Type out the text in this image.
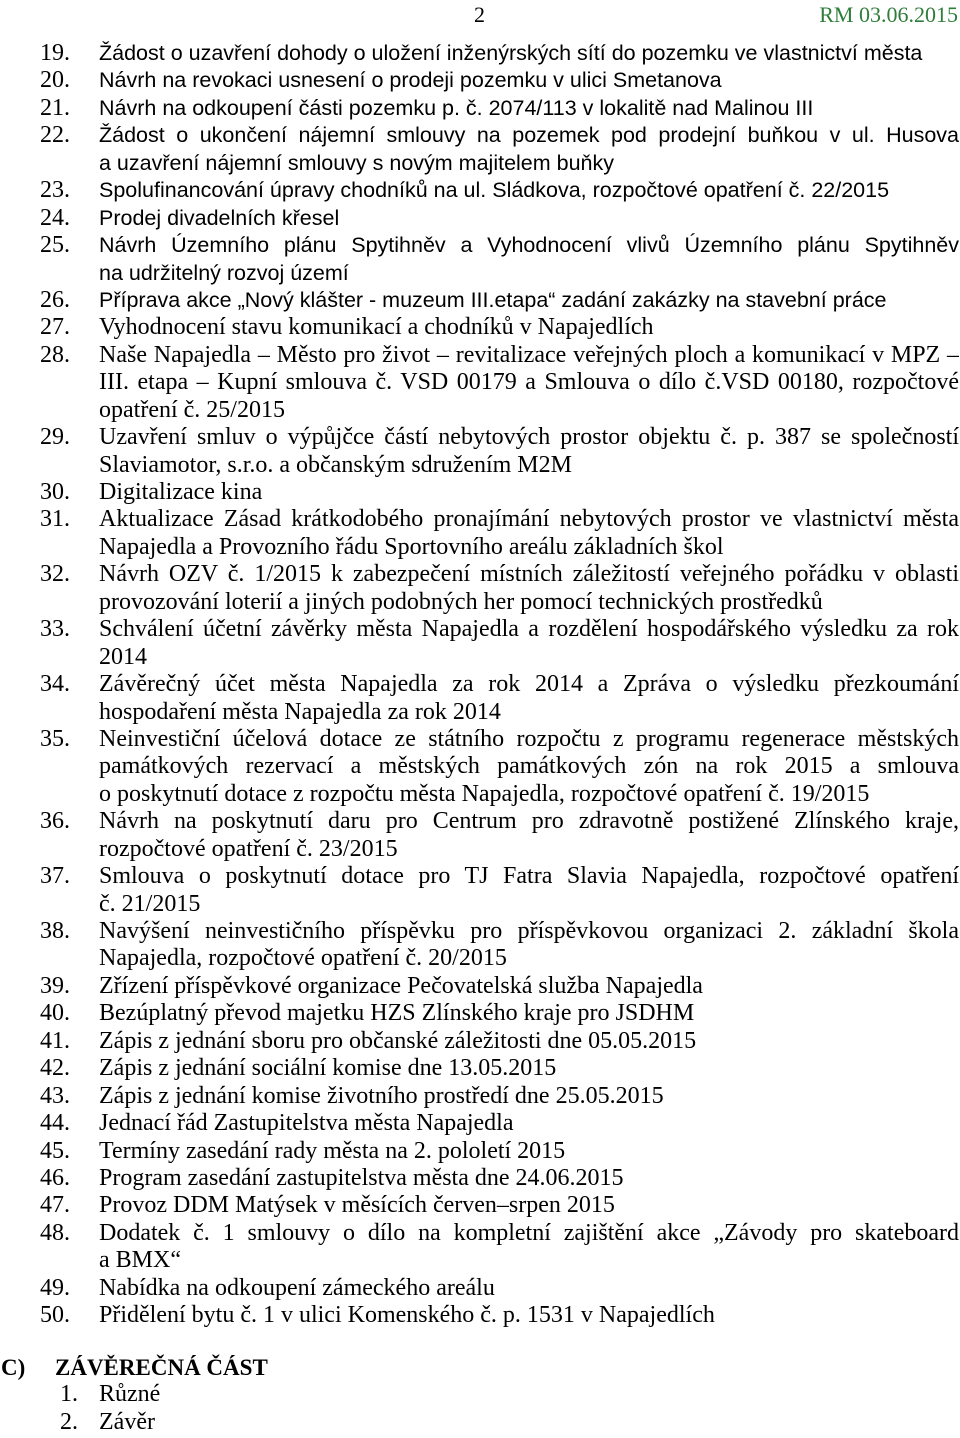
2	RM 03.06.2015
19. Žádost o uzavření dohody o uložení inženýrských sítí do pozemku ve vlastnictví města
20. Návrh na revokaci usnesení o prodeji pozemku v ulici Smetanova
21. Návrh na odkoupení části pozemku p. č. 2074/113 v lokalitě nad Malinou III
22. Žádost o ukončení nájemní smlouvy na pozemek pod prodejní buňkou v ul. Husova
a uzavření nájemní smlouvy s novým majitelem buňky
23. Spolufinancování úpravy chodníků na ul. Sládkova, rozpočtové opatření č. 22/2015
24. Prodej divadelních křesel
25. Návrh Územního plánu Spytihněv a Vyhodnocení vlivů Územního plánu Spytihněv
na udržitelný rozvoj území
26. Příprava akce „Nový klášter - muzeum III.etapa“ zadání zakázky na stavební práce
27. Vyhodnocení stavu komunikací a chodníků v Napajedlích
28. Naše Napajedla – Město pro život – revitalizace veřejných ploch a komunikací v MPZ –
III. etapa – Kupní smlouva č. VSD 00179 a Smlouva o dílo č.VSD 00180, rozpočtové
opatření č. 25/2015
29. Uzavření smluv o výpůjčce částí nebytových prostor objektu č. p. 387 se společností
Slaviamotor, s.r.o. a občanským sdružením M2M
30. Digitalizace kina
31. Aktualizace Zásad krátkodobého pronajímání nebytových prostor ve vlastnictví města
Napajedla a Provozního řádu Sportovního areálu základních škol
32. Návrh OZV č. 1/2015 k zabezpečení místních záležitostí veřejného pořádku v oblasti
provozování loterií a jiných podobných her pomocí technických prostředků
33. Schválení účetní závěrky města Napajedla a rozdělení hospodářského výsledku za rok
2014
34. Závěrečný účet města Napajedla za rok 2014 a Zpráva o výsledku přezkoumání
hospodaření města Napajedla za rok 2014
35. Neinvestiční účelová dotace ze státního rozpočtu z programu regenerace městských
památkových rezervací a městských památkových zón na rok 2015 a smlouva
o poskytnutí dotace z rozpočtu města Napajedla, rozpočtové opatření č. 19/2015
36. Návrh na poskytnutí daru pro Centrum pro zdravotně postižené Zlínského kraje,
rozpočtové opatření č. 23/2015
37. Smlouva o poskytnutí dotace pro TJ Fatra Slavia Napajedla, rozpočtové opatření
č. 21/2015
38. Navýšení neinvestičního příspěvku pro příspěvkovou organizaci 2. základní škola
Napajedla, rozpočtové opatření č. 20/2015
39. Zřízení příspěvkové organizace Pečovatelská služba Napajedla
40. Bezúplatný převod majetku HZS Zlínského kraje pro JSDHM
41. Zápis z jednání sboru pro občanské záležitosti dne 05.05.2015
42. Zápis z jednání sociální komise dne 13.05.2015
43. Zápis z jednání komise životního prostředí dne 25.05.2015
44. Jednací řád Zastupitelstva města Napajedla
45. Termíny zasedání rady města na 2. pololetí 2015
46. Program zasedání zastupitelstva města dne 24.06.2015
47. Provoz DDM Matýsek v měsících červen–srpen 2015
48. Dodatek č. 1 smlouvy o dílo na kompletní zajištění akce „Závody pro skateboard
a BMX“
49. Nabídka na odkoupení zámeckého areálu
50. Přidělení bytu č. 1 v ulici Komenského č. p. 1531 v Napajedlích
C) ZÁVĚREČNÁ ČÁST
1. Různé
2. Závěr
